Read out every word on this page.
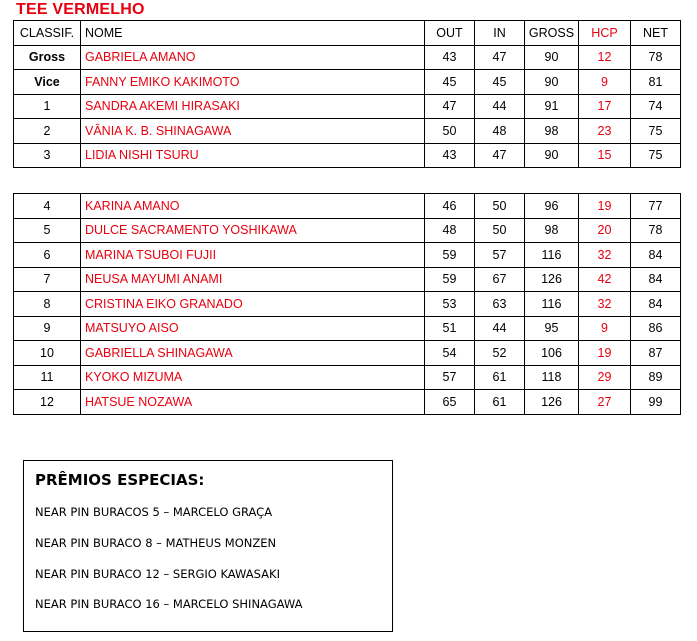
TEE VERMELHO
CLASSIF.	NOME	OUT	IN	GROSS	HCP	NET
Gross	GABRIELA AMANO	43	47	90	12	78
Vice	FANNY EMIKO KAKIMOTO	45	45	90	9	81
1	SANDRA AKEMI HIRASAKI	47	44	91	17	74
2	VÂNIA K. B. SHINAGAWA	50	48	98	23	75
3	LIDIA NISHI TSURU	43	47	90	15	75
4	KARINA AMANO	46	50	96	19	77
5	DULCE SACRAMENTO YOSHIKAWA	48	50	98	20	78
6	MARINA TSUBOI FUJII	59	57	116	32	84
7	NEUSA MAYUMI ANAMI	59	67	126	42	84
8	CRISTINA EIKO GRANADO	53	63	116	32	84
9	MATSUYO AISO	51	44	95	9	86
10	GABRIELLA SHINAGAWA	54	52	106	19	87
11	KYOKO MIZUMA	57	61	118	29	89
12	HATSUE NOZAWA	65	61	126	27	99
PRÊMIOS ESPECIAS:
NEAR PIN BURACOS 5 – MARCELO GRAÇA
NEAR PIN BURACO 8 – MATHEUS MONZEN
NEAR PIN BURACO 12 – SERGIO KAWASAKI
NEAR PIN BURACO 16 – MARCELO SHINAGAWA
